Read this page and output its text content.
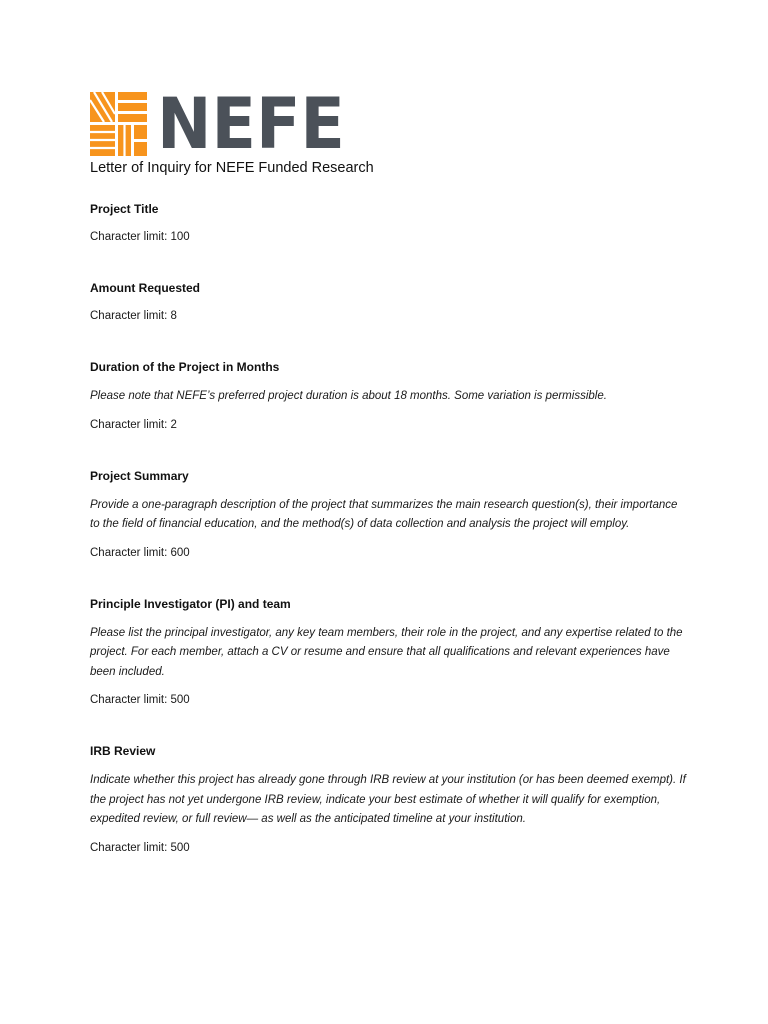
NEFE
Letter of Inquiry for NEFE Funded Research
Project Title

Character limit: 100

Amount Requested

Character limit: 8

Duration of the Project in Months

Please note that NEFE’s preferred project duration is about 18 months. Some variation is permissible.

Character limit: 2

Project Summary

Provide a one-paragraph description of the project that summarizes the main research question(s), their importance to the field of financial education, and the method(s) of data collection and analysis the project will employ.

Character limit: 600

Principle Investigator (PI) and team

Please list the principal investigator, any key team members, their role in the project, and any expertise related to the project. For each member, attach a CV or resume and ensure that all qualifications and relevant experiences have been included.

Character limit: 500

IRB Review

Indicate whether this project has already gone through IRB review at your institution (or has been deemed exempt). If the project has not yet undergone IRB review, indicate your best estimate of whether it will qualify for exemption, expedited review, or full review— as well as the anticipated timeline at your institution.

Character limit: 500
